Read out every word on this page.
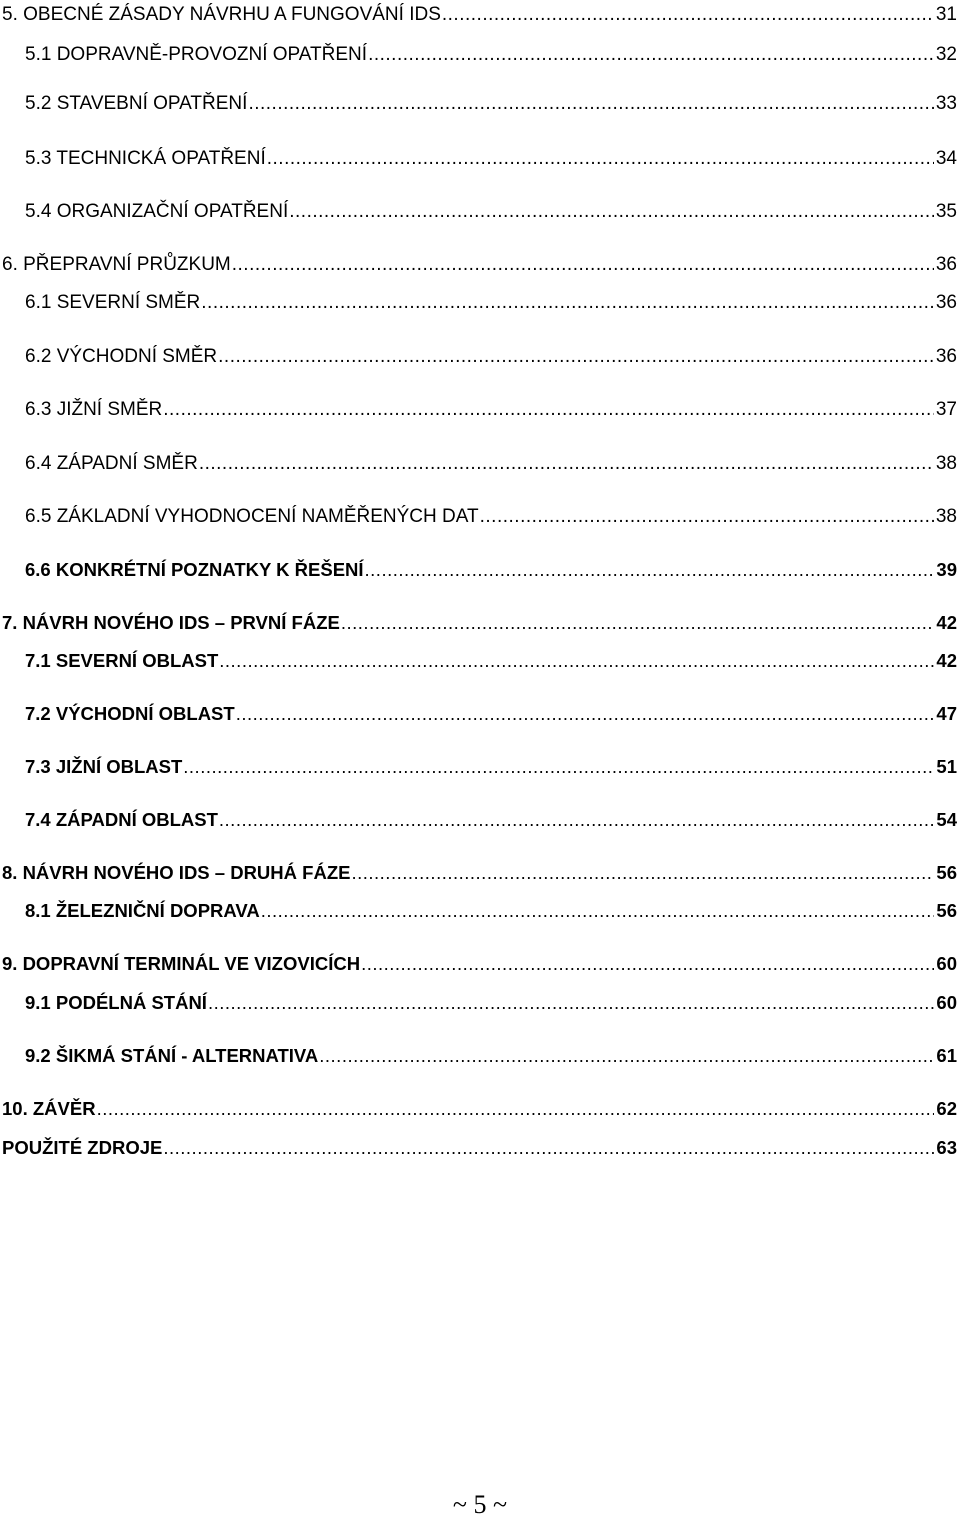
5. OBECNÉ ZÁSADY NÁVRHU A FUNGOVÁNÍ IDS .....	31
5.1 DOPRAVNĚ-PROVOZNÍ OPATŘENÍ .....	32
5.2 STAVEBNÍ OPATŘENÍ .....	33
5.3 TECHNICKÁ OPATŘENÍ .....	34
5.4 ORGANIZAČNÍ OPATŘENÍ .....	35
6. PŘEPRAVNÍ PRŮZKUM .....	36
6.1 SEVERNÍ SMĚR .....	36
6.2 VÝCHODNÍ SMĚR .....	36
6.3 JIŽNÍ SMĚR .....	37
6.4 ZÁPADNÍ SMĚR .....	38
6.5 ZÁKLADNÍ VYHODNOCENÍ NAMĚŘENÝCH DAT .....	38
6.6 KONKRÉTNÍ POZNATKY K ŘEŠENÍ .....	39
7. NÁVRH NOVÉHO IDS – PRVNÍ FÁZE .....	42
7.1 SEVERNÍ OBLAST .....	42
7.2 VÝCHODNÍ OBLAST .....	47
7.3 JIŽNÍ OBLAST .....	51
7.4 ZÁPADNÍ OBLAST .....	54
8. NÁVRH NOVÉHO IDS – DRUHÁ FÁZE .....	56
8.1 ŽELEZNIČNÍ DOPRAVA .....	56
9. DOPRAVNÍ TERMINÁL VE VIZOVICÍCH .....	60
9.1 PODÉLNÁ STÁNÍ .....	60
9.2 ŠIKMÁ STÁNÍ - ALTERNATIVA .....	61
10. ZÁVĚR .....	62
POUŽITÉ ZDROJE .....	63
~ 5 ~
